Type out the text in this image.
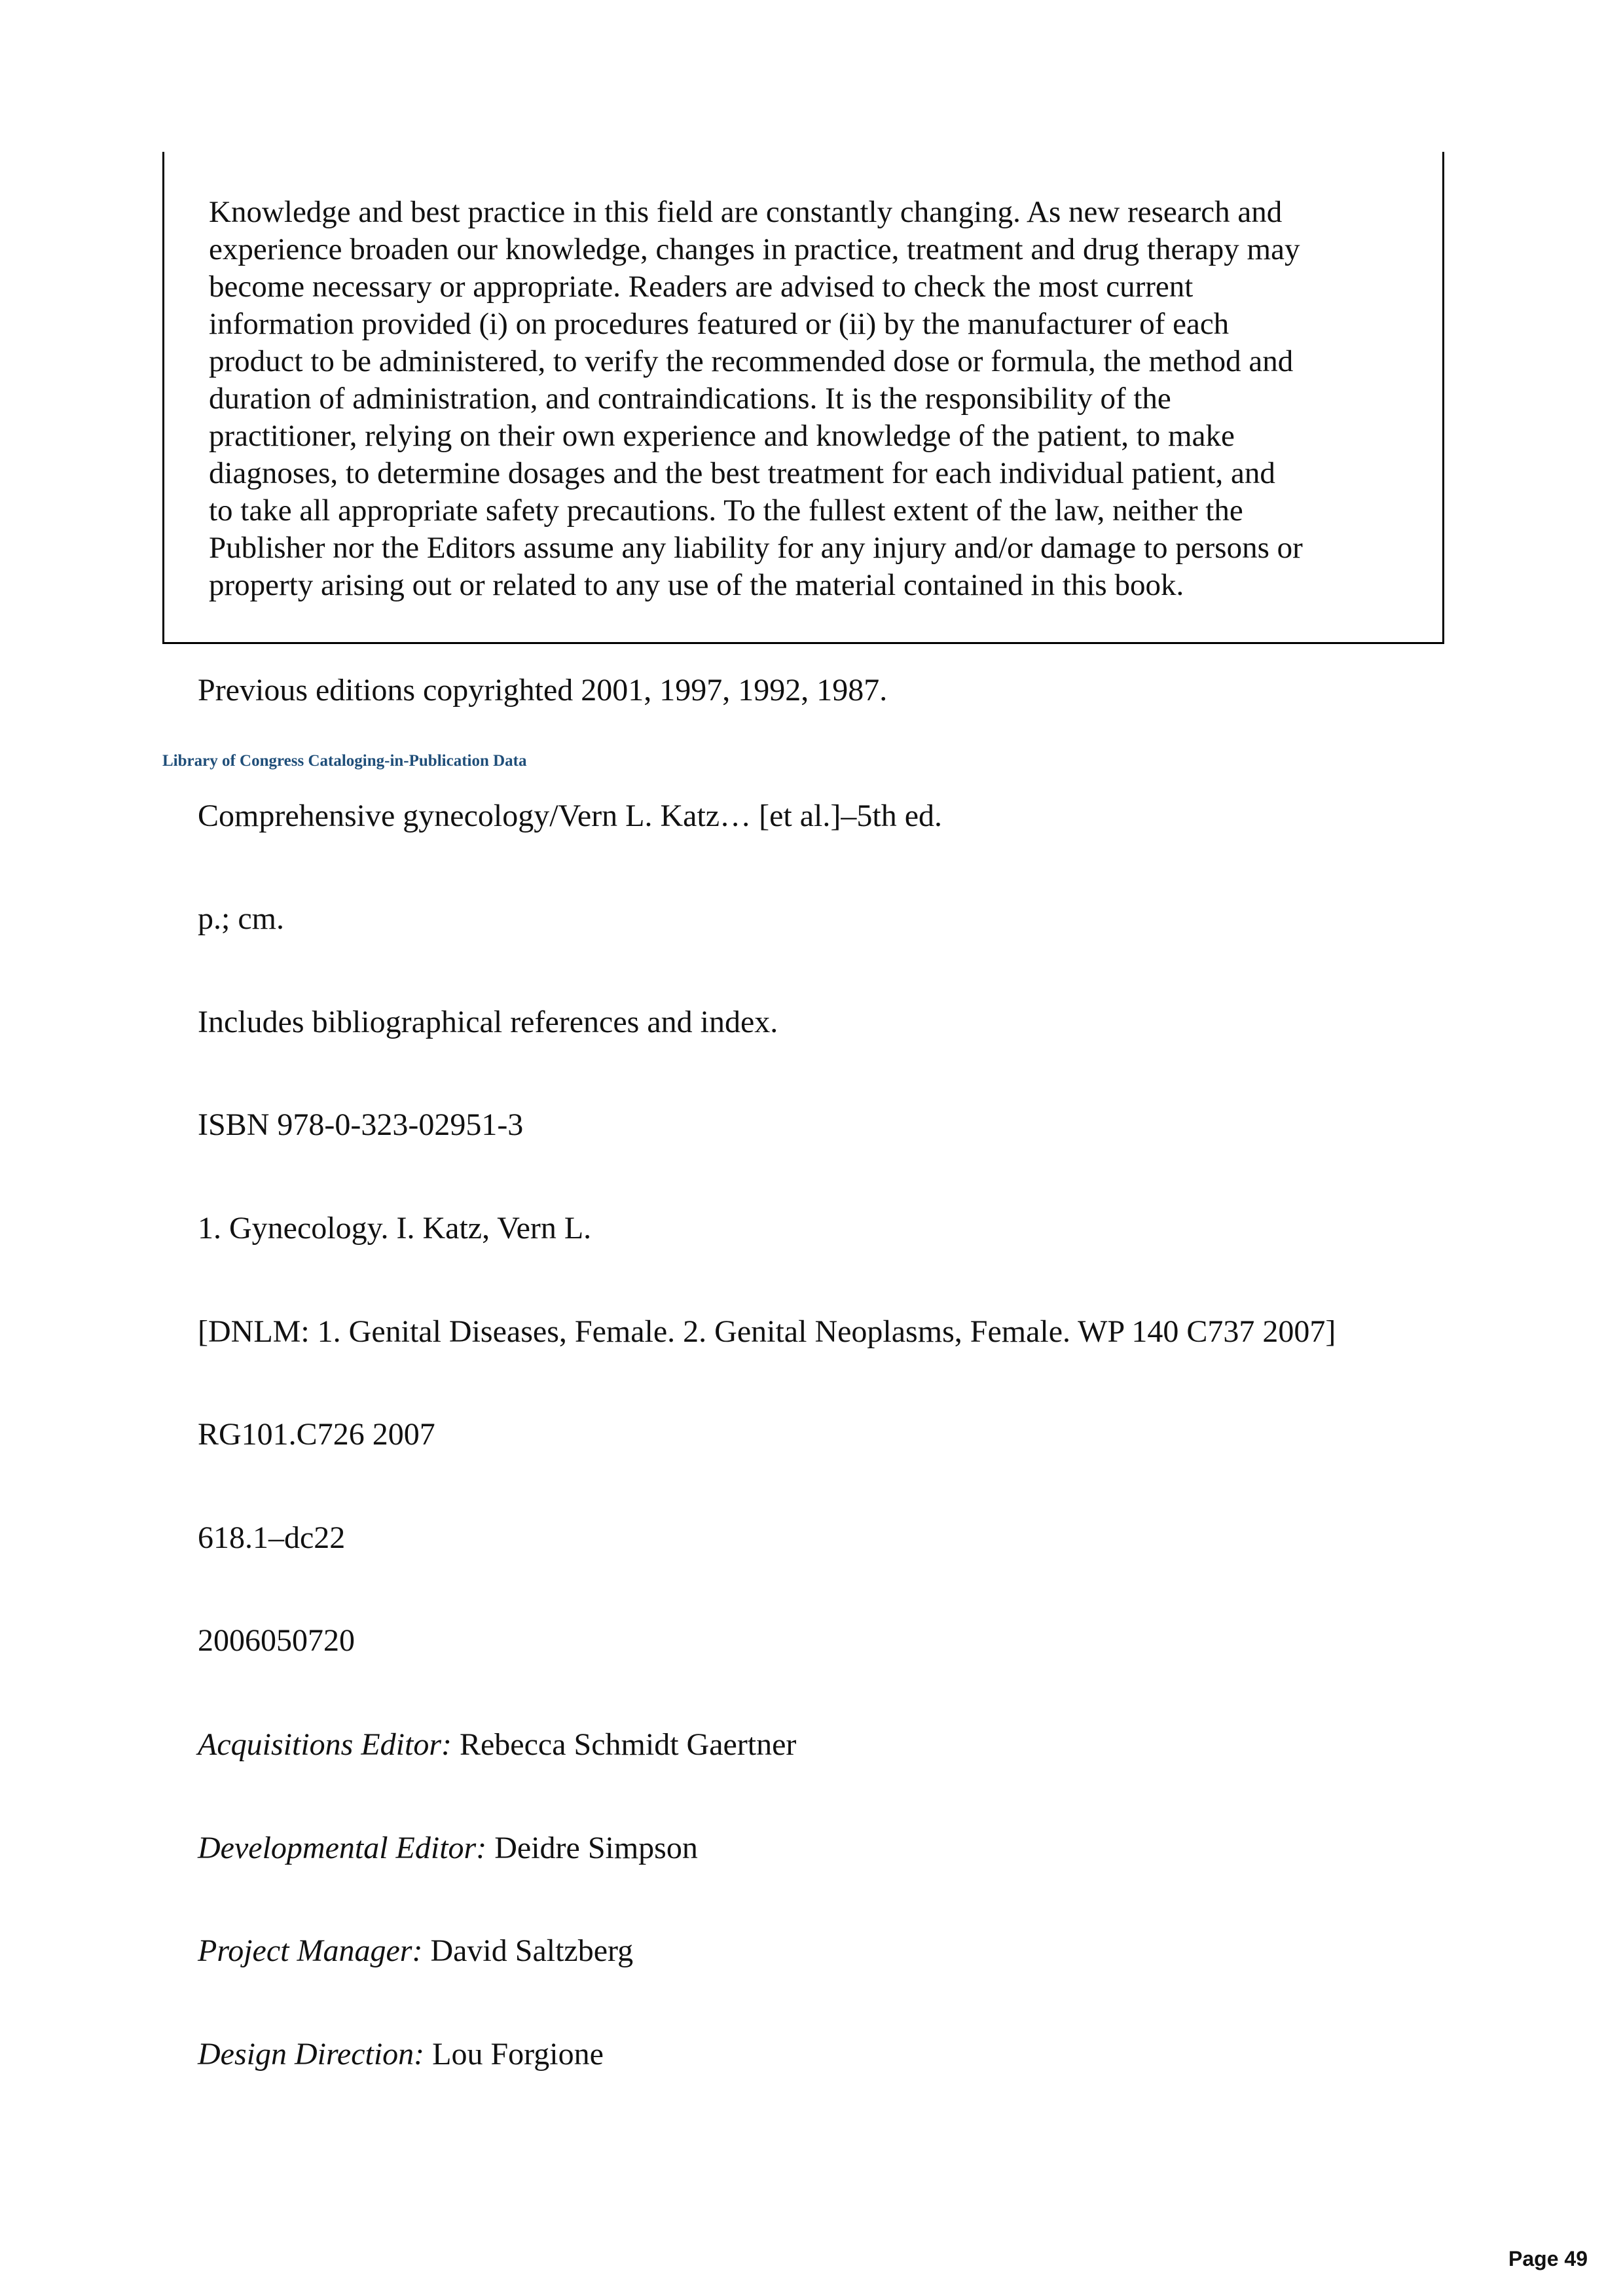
Knowledge and best practice in this field are constantly changing. As new research and
experience broaden our knowledge, changes in practice, treatment and drug therapy may
become necessary or appropriate. Readers are advised to check the most current
information provided (i) on procedures featured or (ii) by the manufacturer of each
product to be administered, to verify the recommended dose or formula, the method and
duration of administration, and contraindications. It is the responsibility of the
practitioner, relying on their own experience and knowledge of the patient, to make
diagnoses, to determine dosages and the best treatment for each individual patient, and
to take all appropriate safety precautions. To the fullest extent of the law, neither the
Publisher nor the Editors assume any liability for any injury and/or damage to persons or
property arising out or related to any use of the material contained in this book.

Previous editions copyrighted 2001, 1997, 1992, 1987.

Library of Congress Cataloging-in-Publication Data

Comprehensive gynecology/Vern L. Katz… [et al.]–5th ed.

p.; cm.

Includes bibliographical references and index.

ISBN 978-0-323-02951-3

1. Gynecology. I. Katz, Vern L.

[DNLM: 1. Genital Diseases, Female. 2. Genital Neoplasms, Female. WP 140 C737 2007]

RG101.C726 2007

618.1–dc22

2006050720

Acquisitions Editor: Rebecca Schmidt Gaertner

Developmental Editor: Deidre Simpson

Project Manager: David Saltzberg

Design Direction: Lou Forgione

Page 49
